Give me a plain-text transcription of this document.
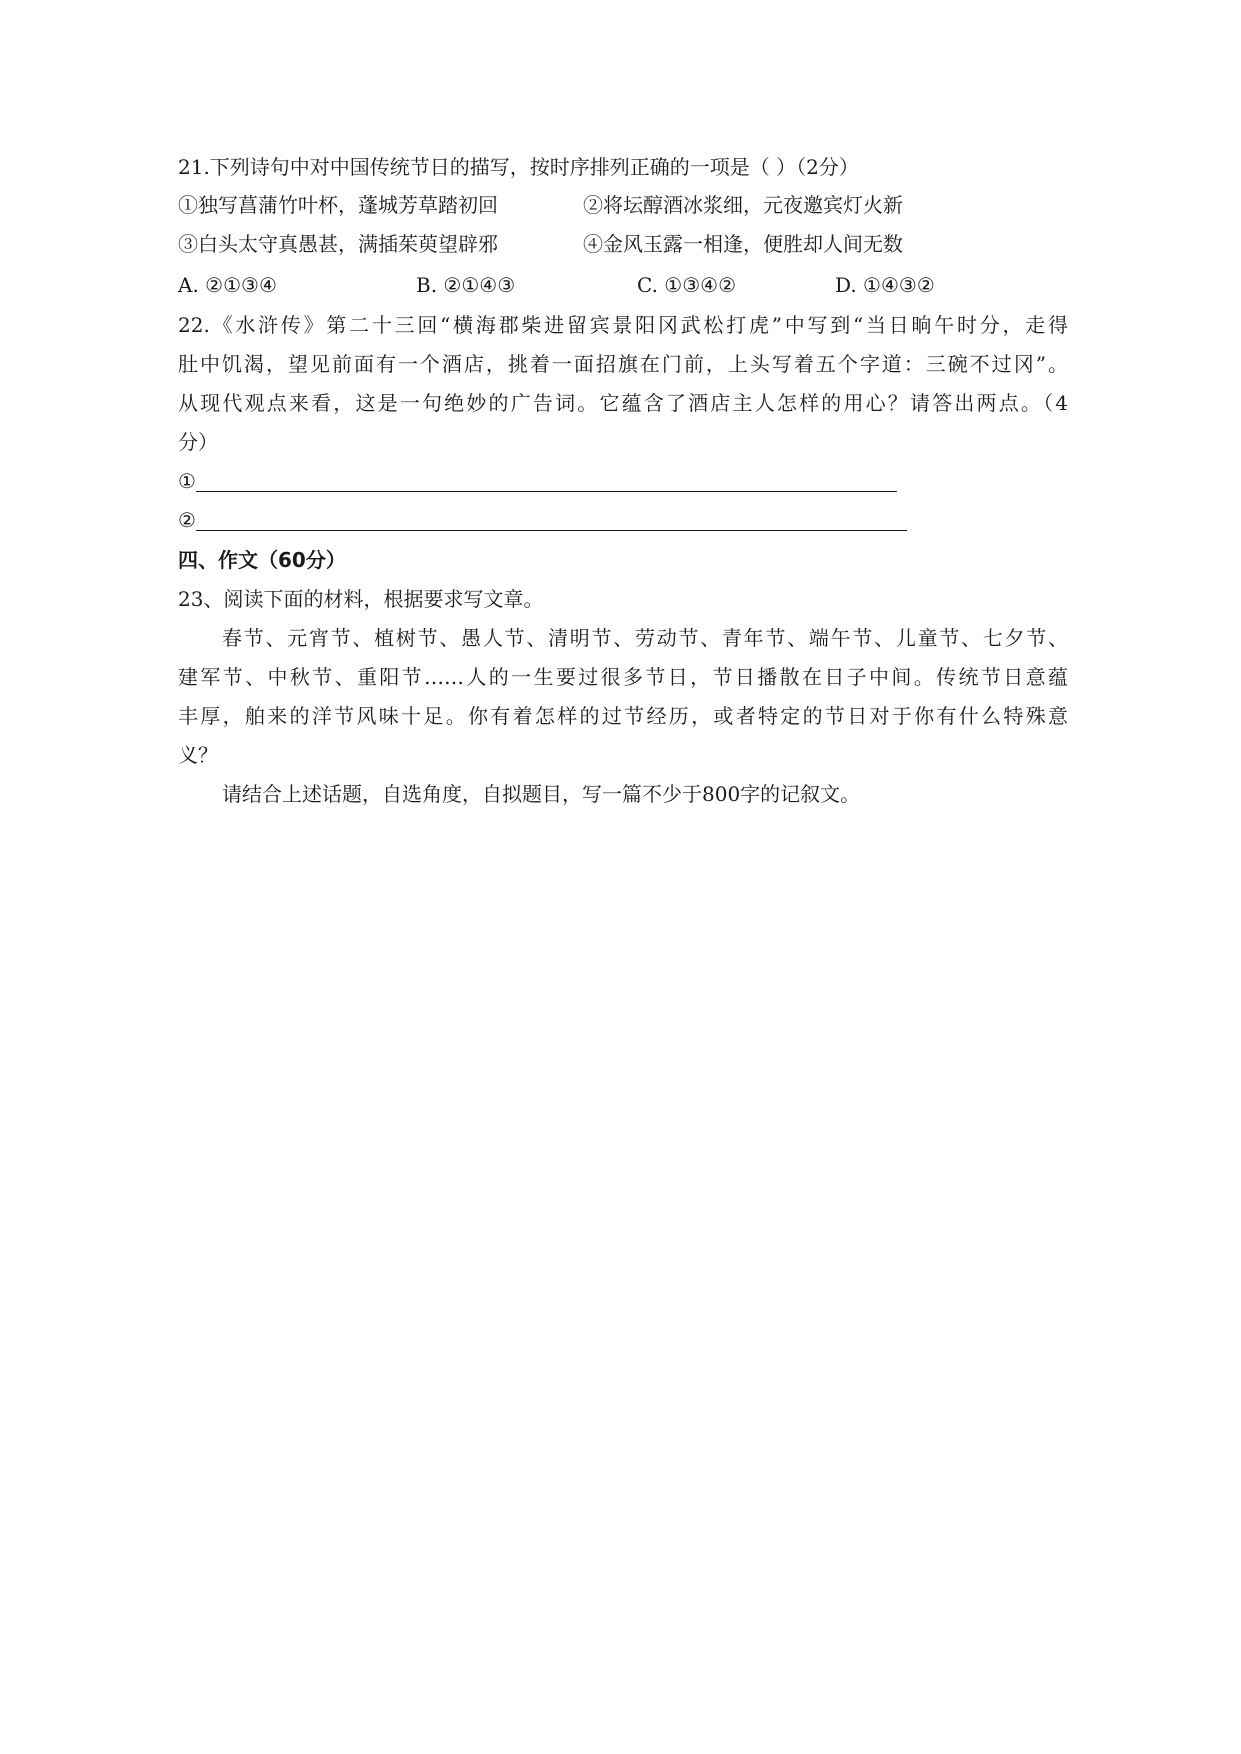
21.下列诗句中对中国传统节日的描写，按时序排列正确的一项是（ ）（2分）
①独写菖蒲竹叶杯，蓬城芳草踏初回	②将坛醇酒冰浆细，元夜邀宾灯火新
③白头太守真愚甚，满插茱萸望辟邪	④金风玉露一相逢，便胜却人间无数
A. ②①③④	B. ②①④③	C. ①③④②	D. ①④③②
22.《水浒传》第二十三回“横海郡柴进留宾景阳冈武松打虎”中写到“当日晌午时分，走得
肚中饥渴，望见前面有一个酒店，挑着一面招旗在门前，上头写着五个字道：三碗不过冈”。
从现代观点来看，这是一句绝妙的广告词。它蕴含了酒店主人怎样的用心？请答出两点。（4
分）
①
②
四、作文（60分）
23、阅读下面的材料，根据要求写文章。
春节、元宵节、植树节、愚人节、清明节、劳动节、青年节、端午节、儿童节、七夕节、
建军节、中秋节、重阳节……人的一生要过很多节日，节日播散在日子中间。传统节日意蕴
丰厚，舶来的洋节风味十足。你有着怎样的过节经历，或者特定的节日对于你有什么特殊意
义？
请结合上述话题，自选角度，自拟题目，写一篇不少于800字的记叙文。
